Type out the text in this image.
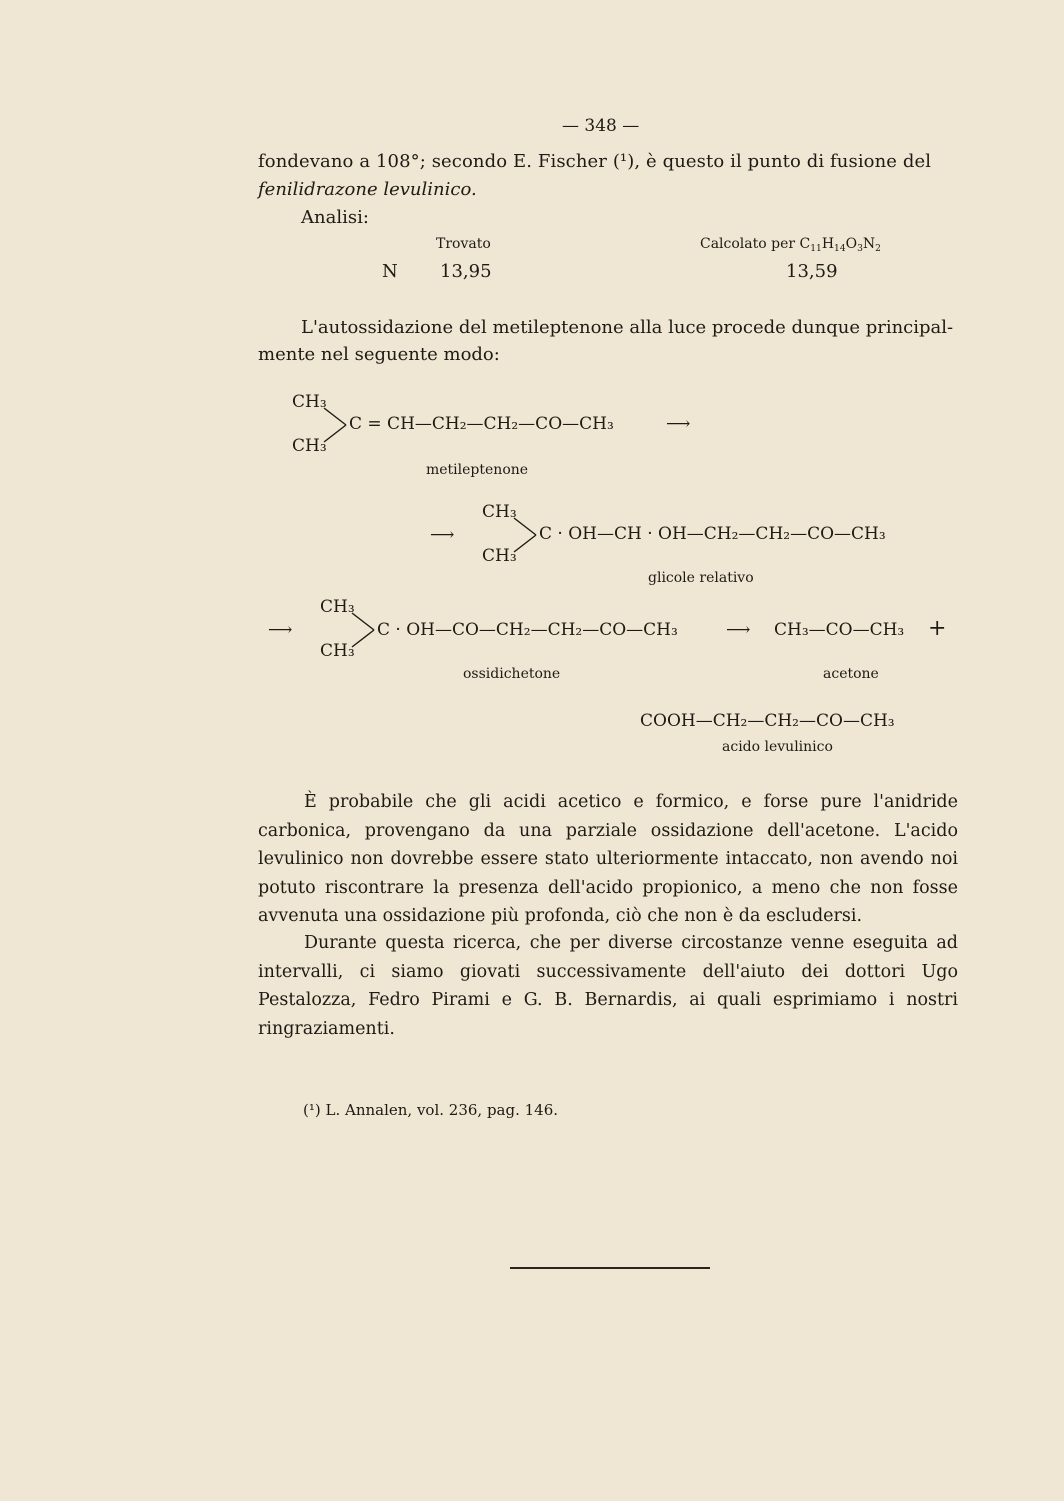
— 348 —
fondevano a 108°; secondo E. Fischer (¹), è questo il punto di fusione del
fenilidrazone levulinico.
Analisi:
Trovato	Calcolato per $C_{11}H_{14}O_3N_2$
N 13,95	13,59
L'autossidazione del metileptenone alla luce procede dunque principal-
mente nel seguente modo:
CH₃
CH₃
C = CH—CH₂—CH₂—CO—CH₃	⟶
metileptenone
⟶
CH₃
CH₃
C · OH—CH · OH—CH₂—CH₂—CO—CH₃
glicole relativo
⟶
CH₃
CH₃
C · OH—CO—CH₂—CH₂—CO—CH₃	⟶ CH₃—CO—CH₃ +
ossidichetone	acetone
COOH—CH₂—CH₂—CO—CH₃
acido levulinico
È probabile che gli acidi acetico e formico, e forse pure l'anidride carbonica, provengano da una parziale ossidazione dell'acetone. L'acido levulinico non dovrebbe essere stato ulteriormente intaccato, non avendo noi potuto riscontrare la presenza dell'acido propionico, a meno che non fosse avvenuta una ossidazione più profonda, ciò che non è da escludersi.
Durante questa ricerca, che per diverse circostanze venne eseguita ad intervalli, ci siamo giovati successivamente dell'aiuto dei dottori Ugo Pestalozza, Fedro Pirami e G. B. Bernardis, ai quali esprimiamo i nostri ringraziamenti.
(¹) L. Annalen, vol. 236, pag. 146.
